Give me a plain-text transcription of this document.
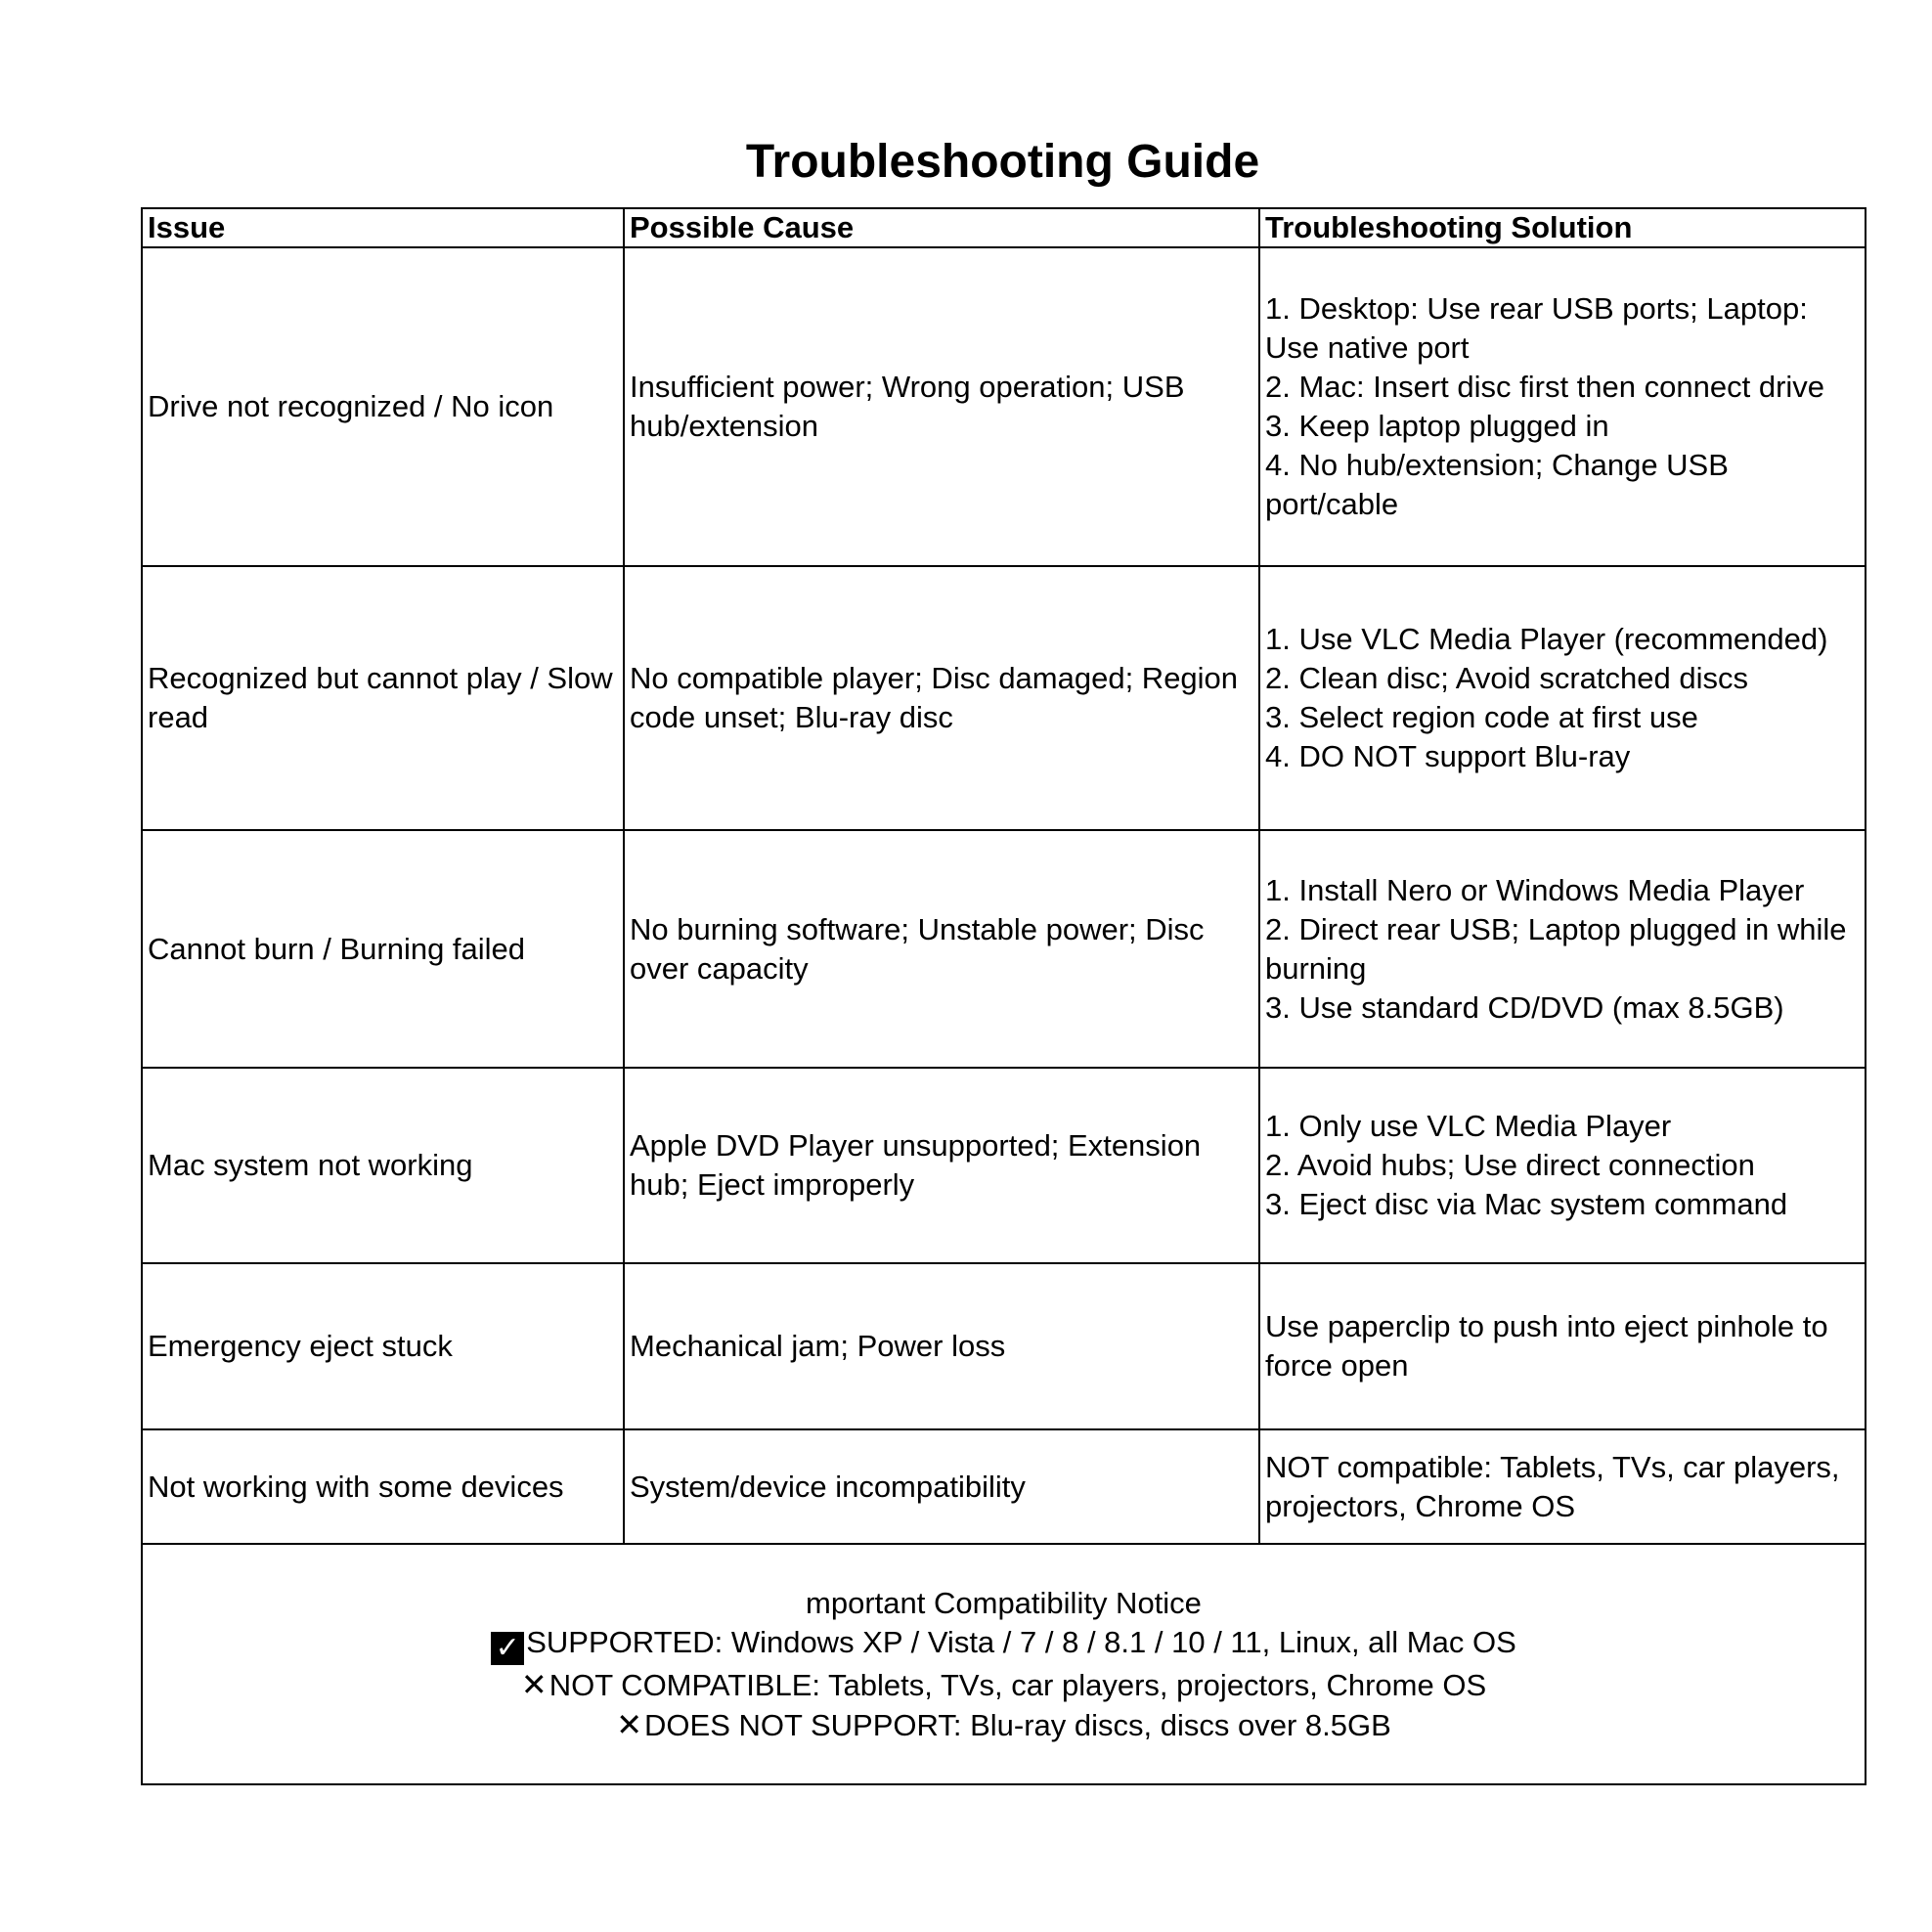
Troubleshooting Guide
Issue	Possible Cause	Troubleshooting Solution
Drive not recognized / No icon	Insufficient power; Wrong operation; USB hub/extension	1. Desktop: Use rear USB ports; Laptop: Use native port
2. Mac: Insert disc first then connect drive
3. Keep laptop plugged in
4. No hub/extension; Change USB port/cable
Recognized but cannot play / Slow read	No compatible player; Disc damaged; Region code unset; Blu-ray disc	1. Use VLC Media Player (recommended)
2. Clean disc; Avoid scratched discs
3. Select region code at first use
4. DO NOT support Blu-ray
Cannot burn / Burning failed	No burning software; Unstable power; Disc over capacity	1. Install Nero or Windows Media Player
2. Direct rear USB; Laptop plugged in while burning
3. Use standard CD/DVD (max 8.5GB)
Mac system not working	Apple DVD Player unsupported; Extension hub; Eject improperly	1. Only use VLC Media Player
2. Avoid hubs; Use direct connection
3. Eject disc via Mac system command
Emergency eject stuck	Mechanical jam; Power loss	Use paperclip to push into eject pinhole to force open
Not working with some devices	System/device incompatibility	NOT compatible: Tablets, TVs, car players, projectors, Chrome OS

mportant Compatibility Notice
✓ SUPPORTED: Windows XP / Vista / 7 / 8 / 8.1 / 10 / 11, Linux, all Mac OS
✕NOT COMPATIBLE: Tablets, TVs, car players, projectors, Chrome OS
✕DOES NOT SUPPORT: Blu-ray discs, discs over 8.5GB		
